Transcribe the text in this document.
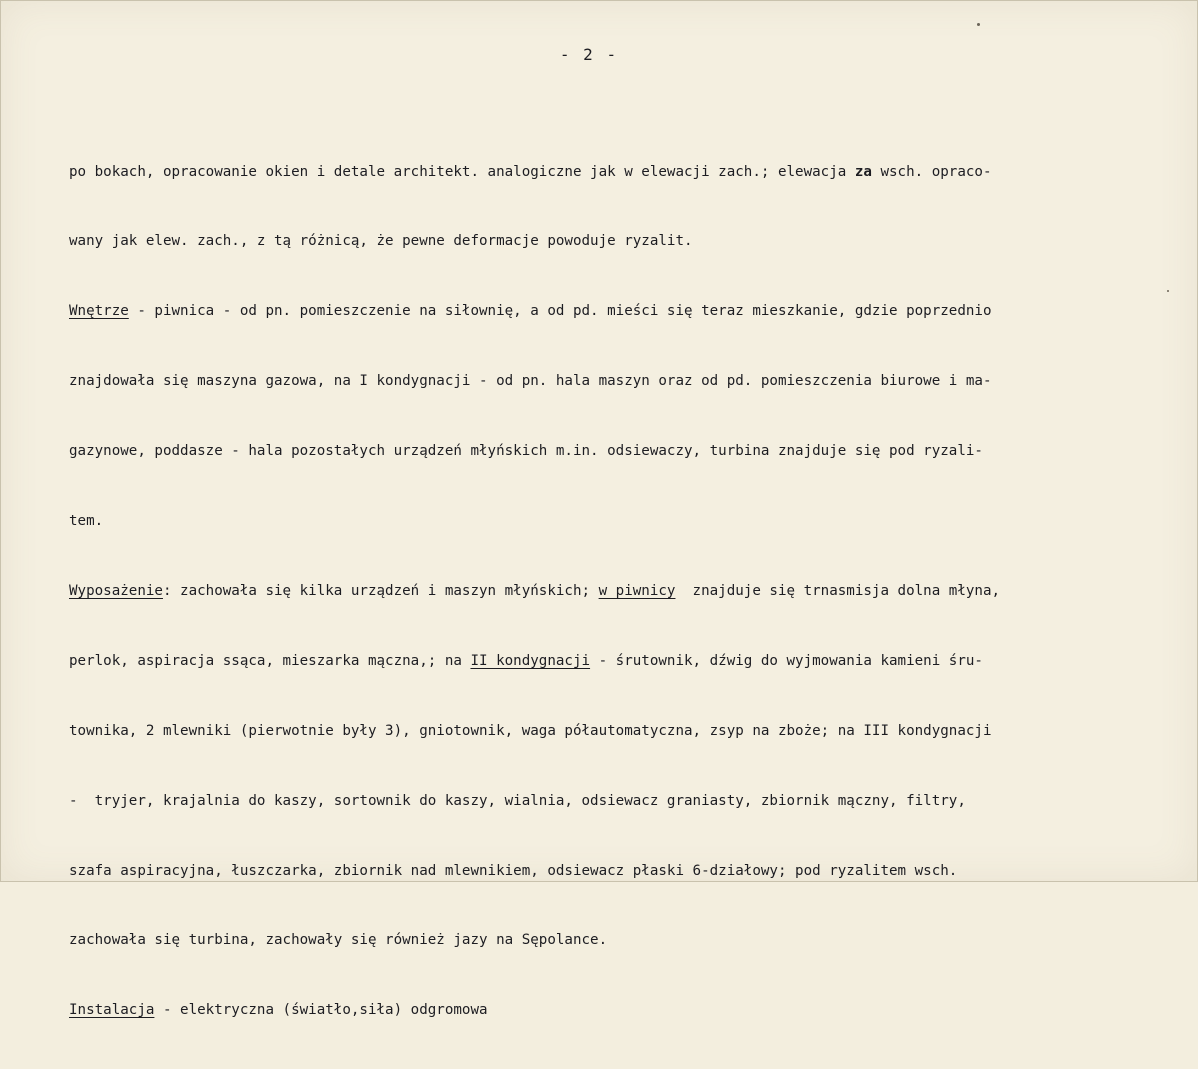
- 2 -

po bokach, opracowanie okien i detale architekt. analogiczne jak w elewacji zach.; elewacja za wsch. opraco-

wany jak elew. zach., z tą różnicą, że pewne deformacje powoduje ryzalit.

Wnętrze - piwnica - od pn. pomieszczenie na siłownię, a od pd. mieści się teraz mieszkanie, gdzie poprzednio

znajdowała się maszyna gazowa, na I kondygnacji - od pn. hala maszyn oraz od pd. pomieszczenia biurowe i ma-

gazynowe, poddasze - hala pozostałych urządzeń młyńskich m.in. odsiewaczy, turbina znajduje się pod ryzali-

tem.

Wyposażenie: zachowała się kilka urządzeń i maszyn młyńskich; w piwnicy  znajduje się trnasmisja dolna młyna,

perlok, aspiracja ssąca, mieszarka mączna,; na II kondygnacji - śrutownik, dźwig do wyjmowania kamieni śru-

townika, 2 mlewniki (pierwotnie były 3), gniotownik, waga półautomatyczna, zsyp na zboże; na III kondygnacji

-  tryjer, krajalnia do kaszy, sortownik do kaszy, wialnia, odsiewacz graniasty, zbiornik mączny, filtry,

szafa aspiracyjna, łuszczarka, zbiornik nad mlewnikiem, odsiewacz płaski 6-działowy; pod ryzalitem wsch.

zachowała się turbina, zachowały się również jazy na Sępolance.

Instalacja - elektryczna (światło,siła) odgromowa
